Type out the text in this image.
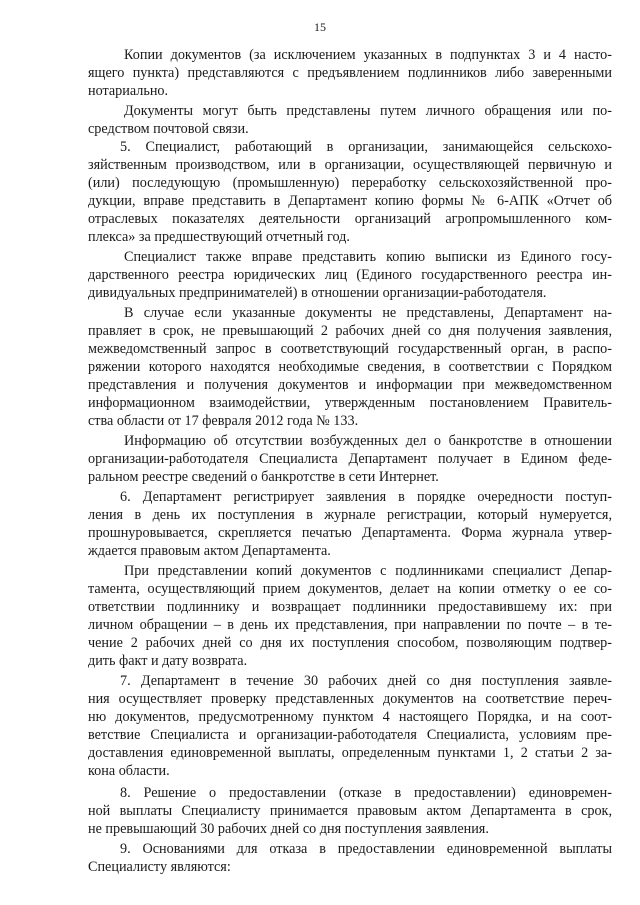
15
Копии документов (за исключением указанных в подпунктах 3 и 4 насто-
ящего пункта) представляются с предъявлением подлинников либо заверенными
нотариально.
Документы могут быть представлены путем личного обращения или по-
средством почтовой связи.
5. Специалист, работающий в организации, занимающейся сельскохо-
зяйственным производством, или в организации, осуществляющей первичную и
(или) последующую (промышленную) переработку сельскохозяйственной про-
дукции, вправе представить в Департамент копию формы № 6-АПК «Отчет об
отраслевых показателях деятельности организаций агропромышленного ком-
плекса» за предшествующий отчетный год.
Специалист также вправе представить копию выписки из Единого госу-
дарственного реестра юридических лиц (Единого государственного реестра ин-
дивидуальных предпринимателей) в отношении организации-работодателя.
В случае если указанные документы не представлены, Департамент на-
правляет в срок, не превышающий 2 рабочих дней со дня получения заявления,
межведомственный запрос в соответствующий государственный орган, в распо-
ряжении которого находятся необходимые сведения, в соответствии с Порядком
представления и получения документов и информации при межведомственном
информационном взаимодействии, утвержденным постановлением Правитель-
ства области от 17 февраля 2012 года № 133.
Информацию об отсутствии возбужденных дел о банкротстве в отношении
организации-работодателя Специалиста Департамент получает в Едином феде-
ральном реестре сведений о банкротстве в сети Интернет.
6. Департамент регистрирует заявления в порядке очередности поступ-
ления в день их поступления в журнале регистрации, который нумеруется,
прошнуровывается, скрепляется печатью Департамента. Форма журнала утвер-
ждается правовым актом Департамента.
При представлении копий документов с подлинниками специалист Депар-
тамента, осуществляющий прием документов, делает на копии отметку о ее со-
ответствии подлиннику и возвращает подлинники предоставившему их: при
личном обращении – в день их представления, при направлении по почте – в те-
чение 2 рабочих дней со дня их поступления способом, позволяющим подтвер-
дить факт и дату возврата.
7. Департамент в течение 30 рабочих дней со дня поступления заявле-
ния осуществляет проверку представленных документов на соответствие переч-
ню документов, предусмотренному пунктом 4 настоящего Порядка, и на соот-
ветствие Специалиста и организации-работодателя Специалиста, условиям пре-
доставления единовременной выплаты, определенным пунктами 1, 2 статьи 2 за-
кона области.
8. Решение о предоставлении (отказе в предоставлении) единовремен-
ной выплаты Специалисту принимается правовым актом Департамента в срок,
не превышающий 30 рабочих дней со дня поступления заявления.
9. Основаниями для отказа в предоставлении единовременной выплаты
Специалисту являются:
